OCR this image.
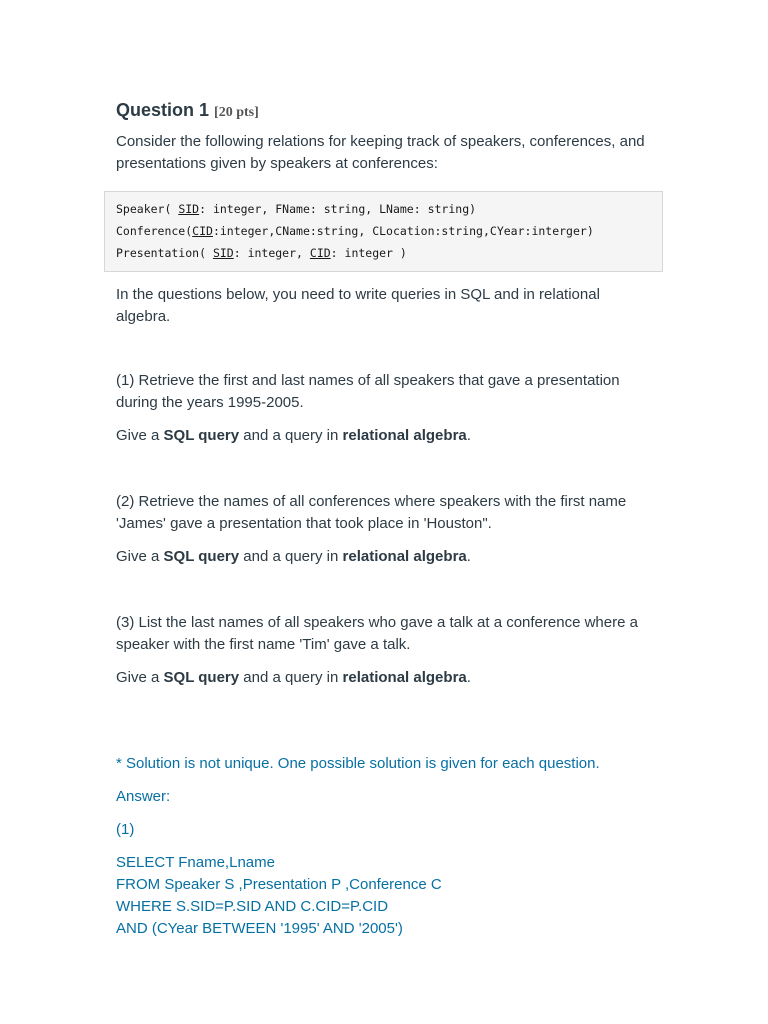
Question 1 [20 pts]

Consider the following relations for keeping track of speakers, conferences, and presentations given by speakers at conferences:

Speaker( SID: integer, FName: string, LName: string)
Conference(CID:integer,CName:string, CLocation:string,CYear:interger)
Presentation( SID: integer, CID: integer )

In the questions below, you need to write queries in SQL and in relational algebra.

(1) Retrieve the first and last names of all speakers that gave a presentation during the years 1995-2005.

Give a SQL query and a query in relational algebra.

(2) Retrieve the names of all conferences where speakers with the first name 'James' gave a presentation that took place in 'Houston".

Give a SQL query and a query in relational algebra.

(3) List the last names of all speakers who gave a talk at a conference where a speaker with the first name 'Tim' gave a talk.

Give a SQL query and a query in relational algebra.

* Solution is not unique. One possible solution is given for each question.

Answer:

(1)

SELECT Fname,Lname

FROM Speaker S ,Presentation P ,Conference C

WHERE S.SID=P.SID AND C.CID=P.CID

AND (CYear BETWEEN '1995' AND '2005')
